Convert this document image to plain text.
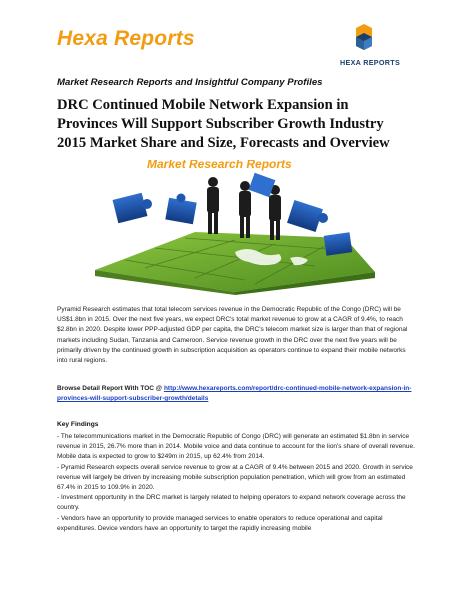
Hexa Reports
Market Research Reports and Insightful Company Profiles
HEXA REPORTS
DRC Continued Mobile Network Expansion in Provinces Will Support Subscriber Growth Industry 2015 Market Share and Size, Forecasts and Overview
Market Research Reports
Pyramid Research estimates that total telecom services revenue in the Democratic Republic of the Congo (DRC) will be US$1.8bn in 2015. Over the next five years, we expect DRC's total market revenue to grow at a CAGR of 9.4%, to reach $2.8bn in 2020. Despite lower PPP-adjusted GDP per capita, the DRC's telecom market size is larger than that of regional markets including Sudan, Tanzania and Cameroon. Service revenue growth in the DRC over the next five years will be primarily driven by the continued growth in subscription acquisition as operators continue to expand their mobile networks into rural regions.
Browse Detail Report With TOC @ http://www.hexareports.com/report/drc-continued-mobile-network-expansion-in-provinces-will-support-subscriber-growth/details
Key Findings
- The telecommunications market in the Democratic Republic of Congo (DRC) will generate an estimated $1.8bn in service revenue in 2015, 26.7% more than in 2014. Mobile voice and data continue to account for the lion's share of overall revenue. Mobile data is expected to grow to $249m in 2015, up 62.4% from 2014.
- Pyramid Research expects overall service revenue to grow at a CAGR of 9.4% between 2015 and 2020. Growth in service revenue will largely be driven by increasing mobile subscription population penetration, which will grow from an estimated 67.4% in 2015 to 109.9% in 2020.
- Investment opportunity in the DRC market is largely related to helping operators to expand network coverage across the country.
- Vendors have an opportunity to provide managed services to enable operators to reduce operational and capital expenditures. Device vendors have an opportunity to target the rapidly increasing mobile
